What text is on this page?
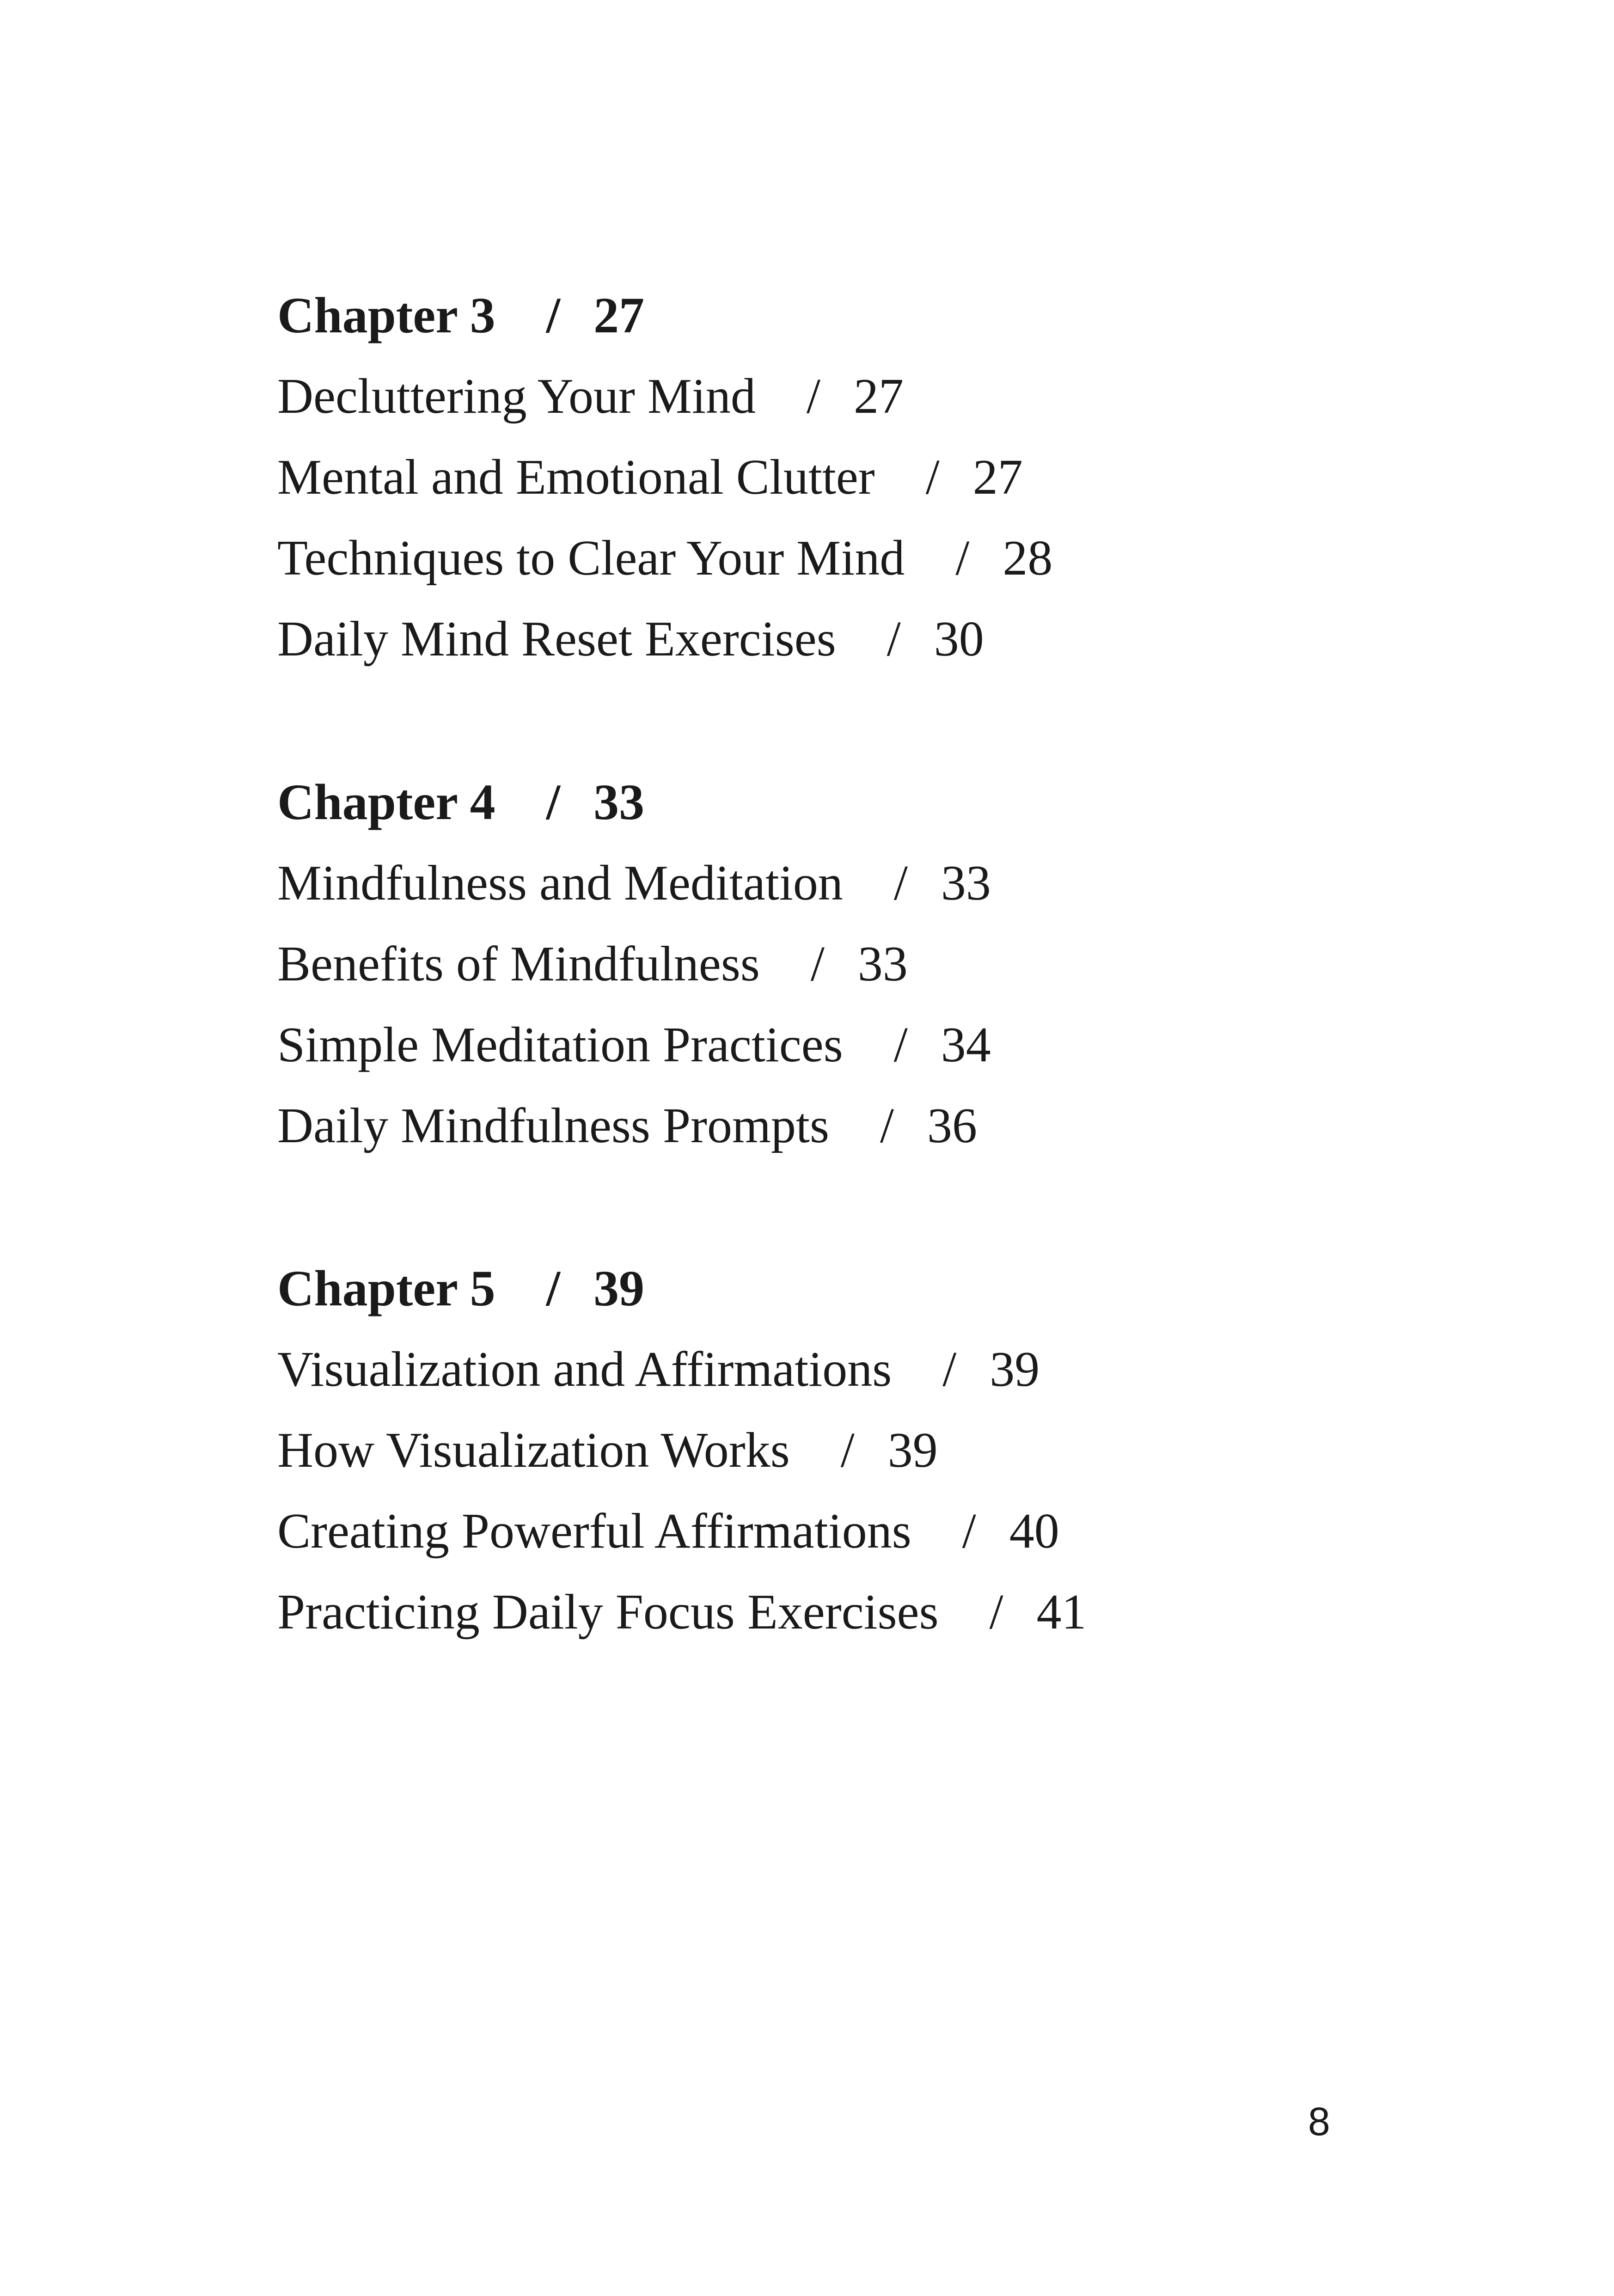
Chapter 3 / 27
Decluttering Your Mind / 27
Mental and Emotional Clutter / 27
Techniques to Clear Your Mind / 28
Daily Mind Reset Exercises / 30
Chapter 4 / 33
Mindfulness and Meditation / 33
Benefits of Mindfulness / 33
Simple Meditation Practices / 34
Daily Mindfulness Prompts / 36
Chapter 5 / 39
Visualization and Affirmations / 39
How Visualization Works / 39
Creating Powerful Affirmations / 40
Practicing Daily Focus Exercises / 41
8
